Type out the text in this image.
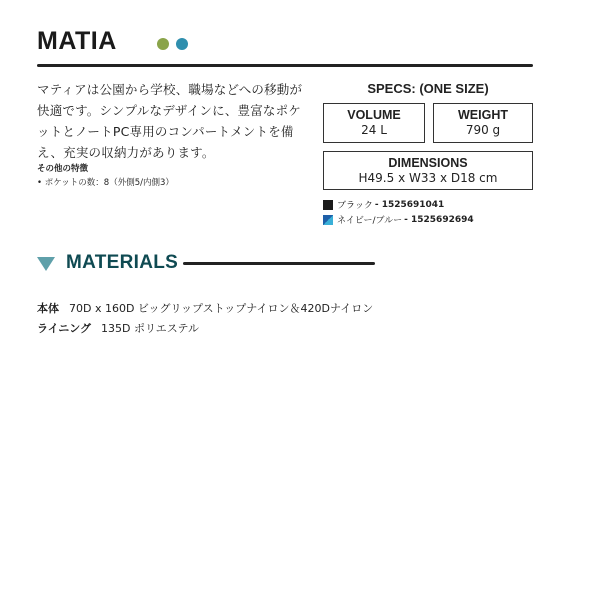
MATIA
マティアは公園から学校、職場などへの移動が快適です。シンプルなデザインに、豊富なポケットとノートPC専用のコンパートメントを備え、充実の収納力があります。
その他の特徴
• ポケットの数：8（外側5/内側3）
SPECS: (ONE SIZE)
VOLUME
24 L
WEIGHT
790 g
DIMENSIONS
H49.5 x W33 x D18 cm
ブラック - 1525691041
ネイビー/ブルー - 1525692694
MATERIALS
本体 70D x 160D ビッグリップストップナイロン＆420Dナイロン
ライニング 135D ポリエステル
